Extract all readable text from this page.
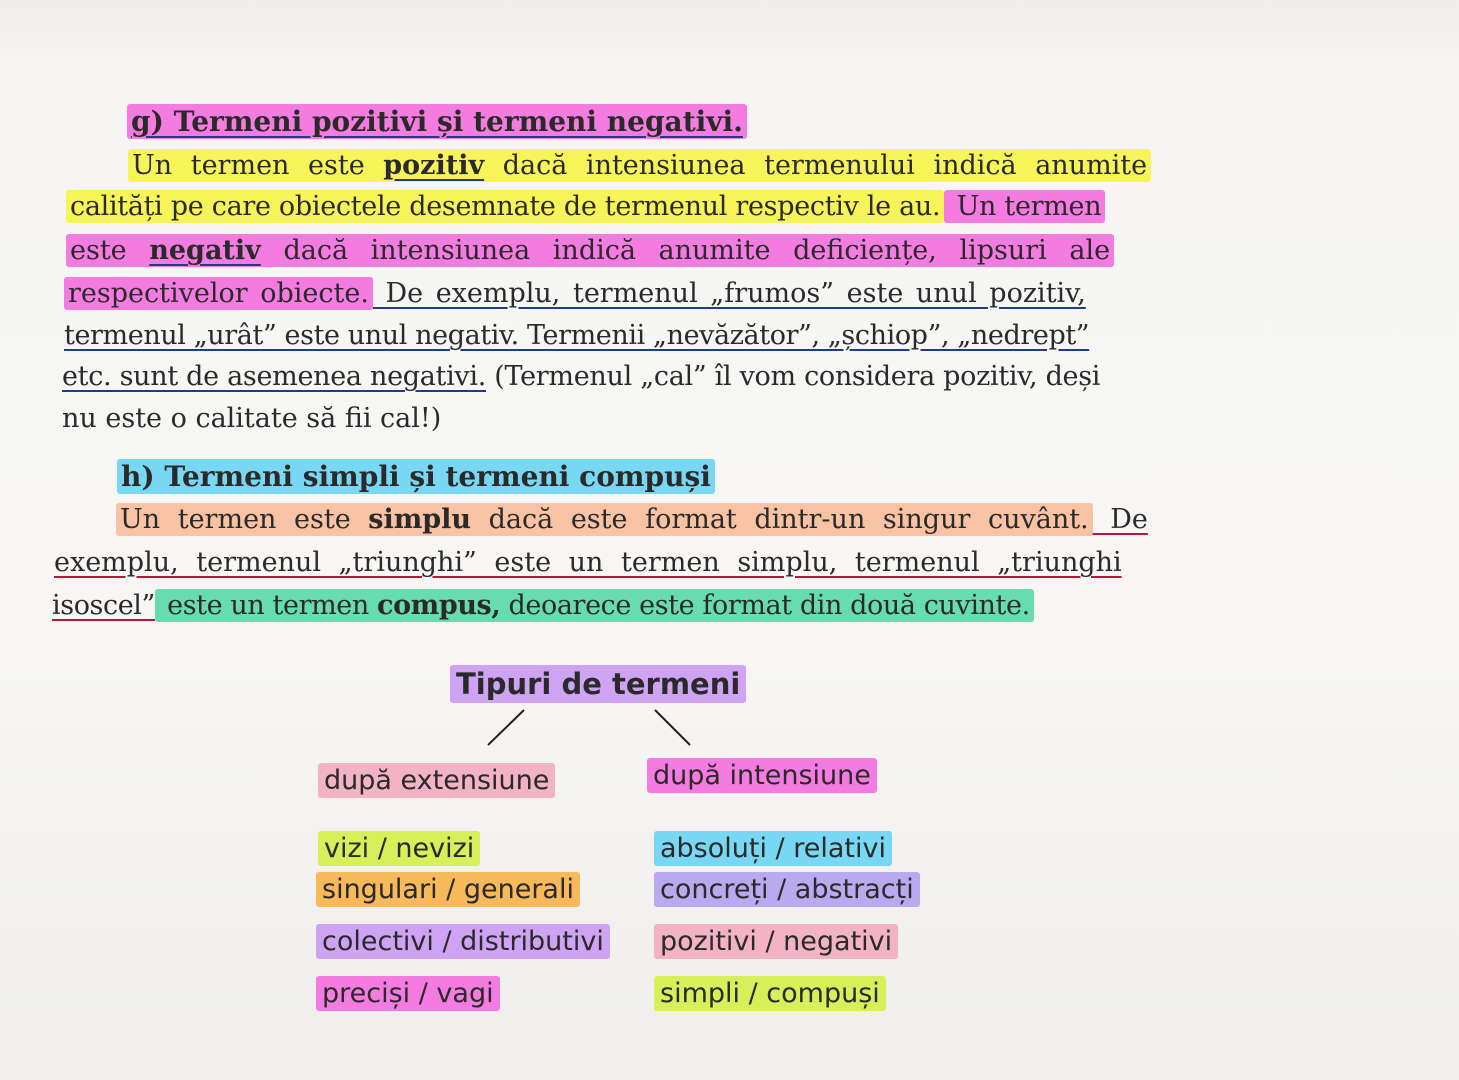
g) Termeni pozitivi și termeni negativi.
Un termen este pozitiv dacă intensiunea termenului indică anumite
calități pe care obiectele desemnate de termenul respectiv le au. Un termen
este negativ dacă intensiunea indică anumite deficiențe, lipsuri ale
respectivelor obiecte. De exemplu, termenul „frumos” este unul pozitiv,
termenul „urât” este unul negativ. Termenii „nevăzător”, „șchiop”, „nedrept”
etc. sunt de asemenea negativi. (Termenul „cal” îl vom considera pozitiv, deși
nu este o calitate să fii cal!)
h) Termeni simpli și termeni compuși
Un termen este simplu dacă este format dintr-un singur cuvânt. De
exemplu, termenul „triunghi” este un termen simplu, termenul „triunghi
isoscel” este un termen compus, deoarece este format din două cuvinte.
Tipuri de termeni
după extensiune	după intensiune
vizi / nevizi
singulari / generali
colectivi / distributivi
preciși / vagi
absoluți / relativi
concreți / abstracți
pozitivi / negativi
simpli / compuși
